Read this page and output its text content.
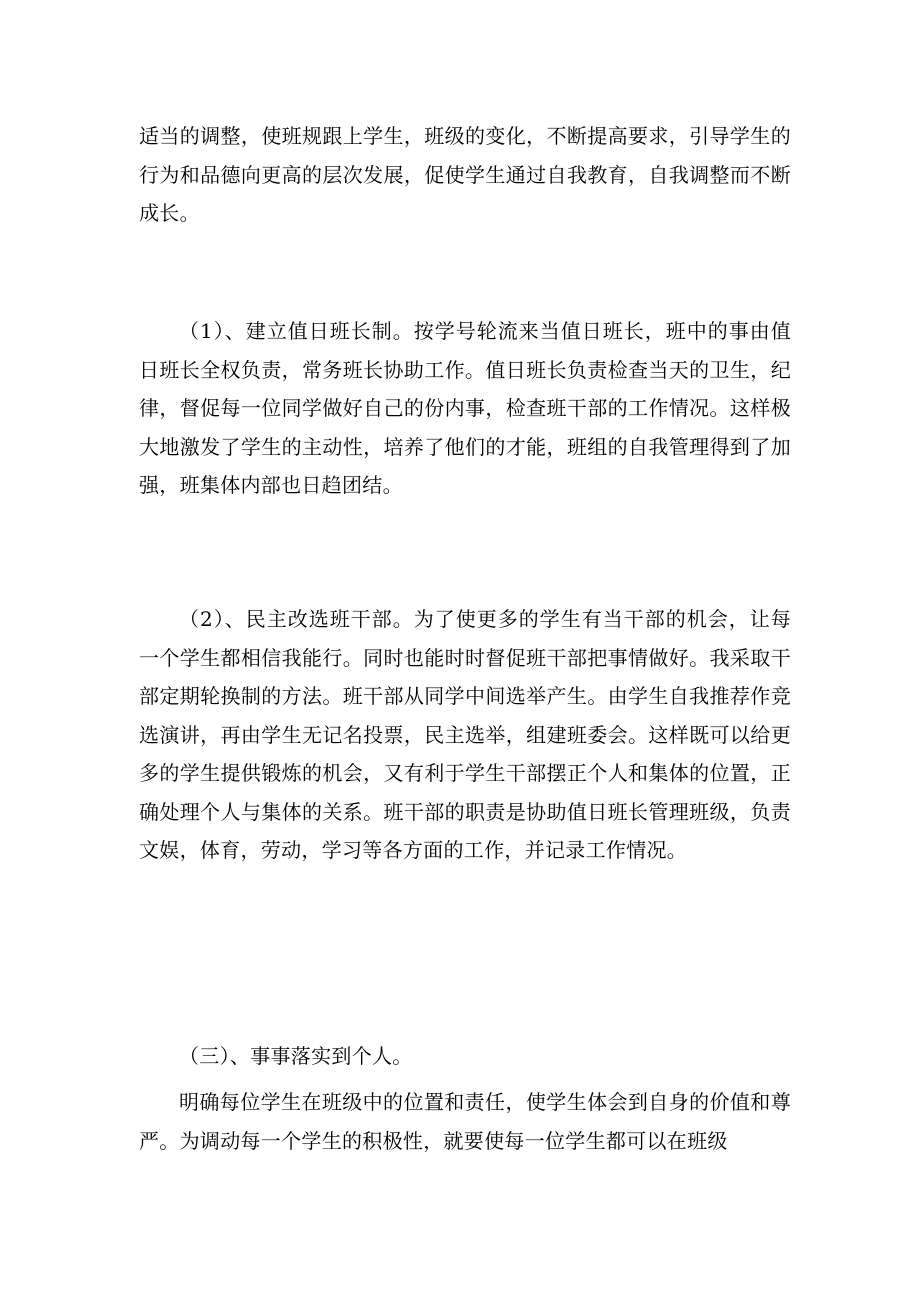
适当的调整，使班规跟上学生，班级的变化，不断提高要求，引导学生的行为和品德向更高的层次发展，促使学生通过自我教育，自我调整而不断成长。

（1）、建立值日班长制。按学号轮流来当值日班长，班中的事由值日班长全权负责，常务班长协助工作。值日班长负责检查当天的卫生，纪律，督促每一位同学做好自己的份内事，检查班干部的工作情况。这样极大地激发了学生的主动性，培养了他们的才能，班组的自我管理得到了加强，班集体内部也日趋团结。

（2）、民主改选班干部。为了使更多的学生有当干部的机会，让每一个学生都相信我能行。同时也能时时督促班干部把事情做好。我采取干部定期轮换制的方法。班干部从同学中间选举产生。由学生自我推荐作竞选演讲，再由学生无记名投票，民主选举，组建班委会。这样既可以给更多的学生提供锻炼的机会，又有利于学生干部摆正个人和集体的位置，正确处理个人与集体的关系。班干部的职责是协助值日班长管理班级，负责文娱，体育，劳动，学习等各方面的工作，并记录工作情况。

（三）、事事落实到个人。

明确每位学生在班级中的位置和责任，使学生体会到自身的价值和尊严。为调动每一个学生的积极性，就要使每一位学生都可以在班级
